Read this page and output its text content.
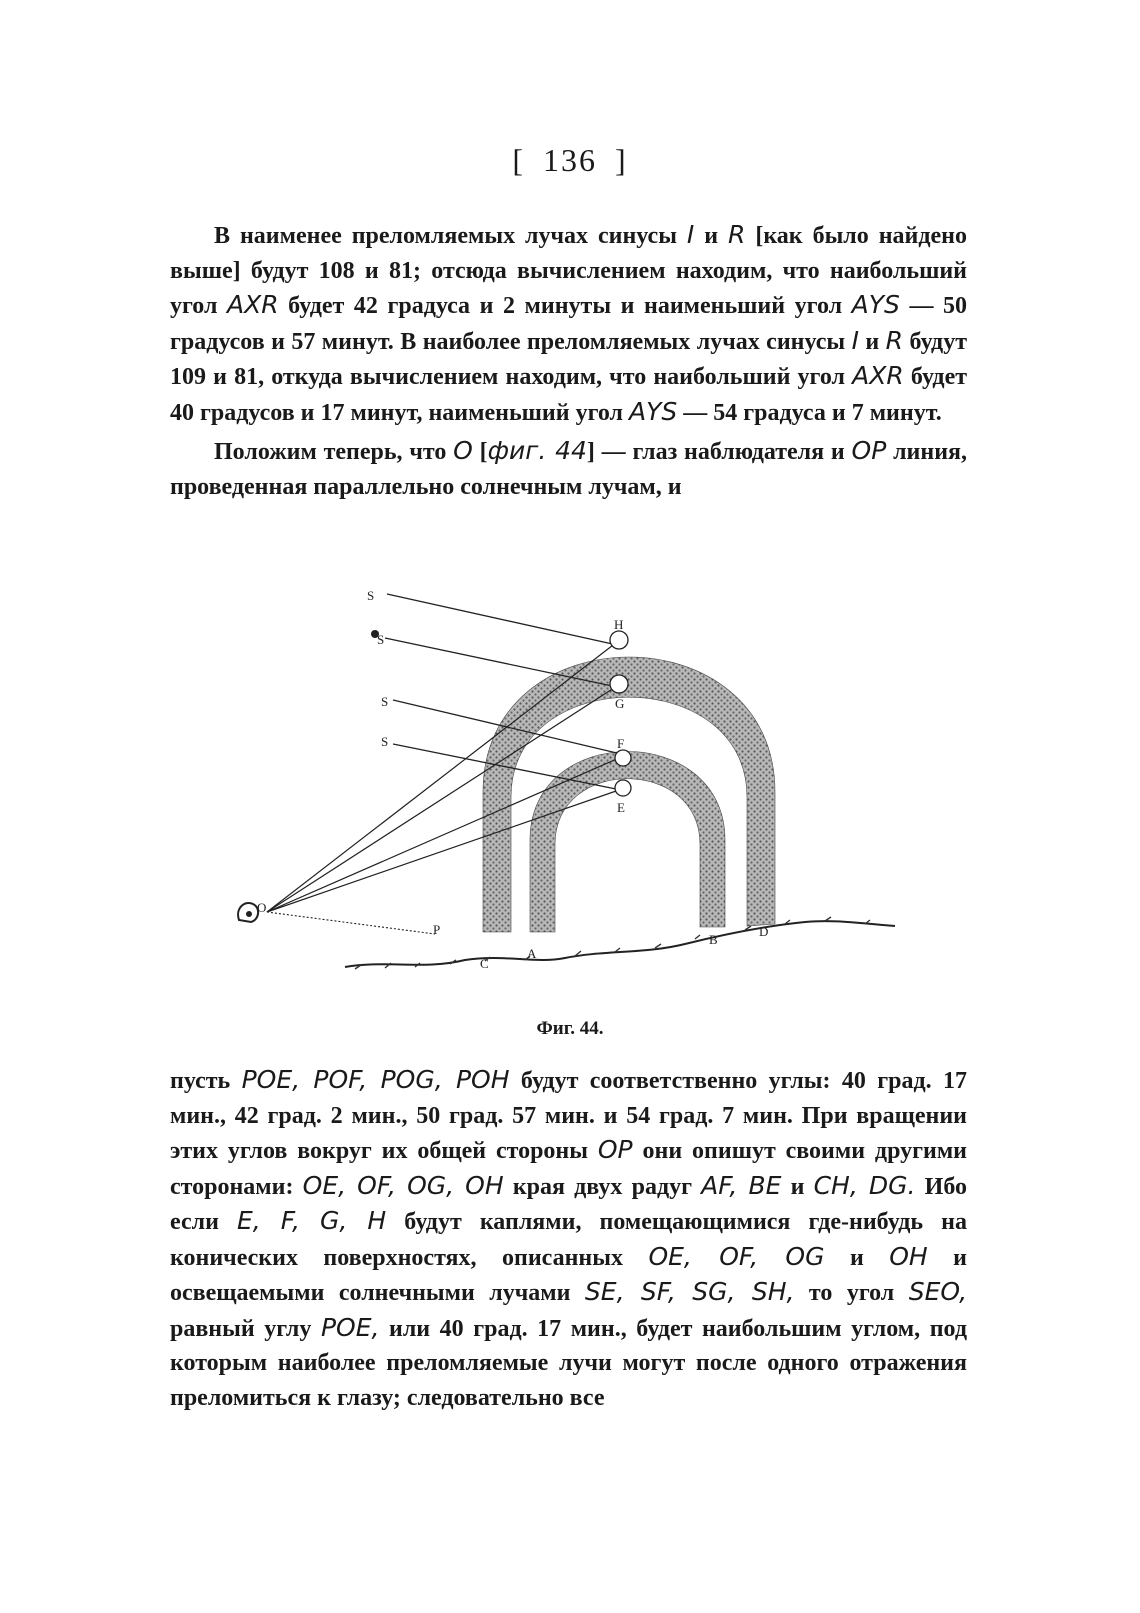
[ 136 ]

В наименее преломляемых лучах синусы I и R [как было найдено выше] будут 108 и 81; отсюда вычислением находим, что наибольший угол AXR будет 42 градуса и 2 минуты и наименьший угол AYS — 50 градусов и 57 минут. В наиболее преломляемых лучах синусы I и R будут 109 и 81, откуда вычислением находим, что наибольший угол AXR будет 40 градусов и 17 минут, наименьший угол AYS — 54 градуса и 7 минут.

Положим теперь, что O [фиг. 44] — глаз наблюдателя и OP линия, проведенная параллельно солнечным лучам, и

S
S
S
S
H
G
F
E
O
P
C
A
B
D
Фиг. 44.

пусть POE, POF, POG, POH будут соответственно углы: 40 град. 17 мин., 42 град. 2 мин., 50 град. 57 мин. и 54 град. 7 мин. При вращении этих углов вокруг их общей стороны OP они опишут своими другими сторонами: OE, OF, OG, OH края двух радуг AF, BE и CH, DG. Ибо если E, F, G, H будут каплями, помещающимися где-нибудь на конических поверхностях, описанных OE, OF, OG и OH и освещаемыми солнечными лучами SE, SF, SG, SH, то угол SEO, равный углу POE, или 40 град. 17 мин., будет наибольшим углом, под которым наиболее преломляемые лучи могут после одного отражения преломиться к глазу; следовательно все
